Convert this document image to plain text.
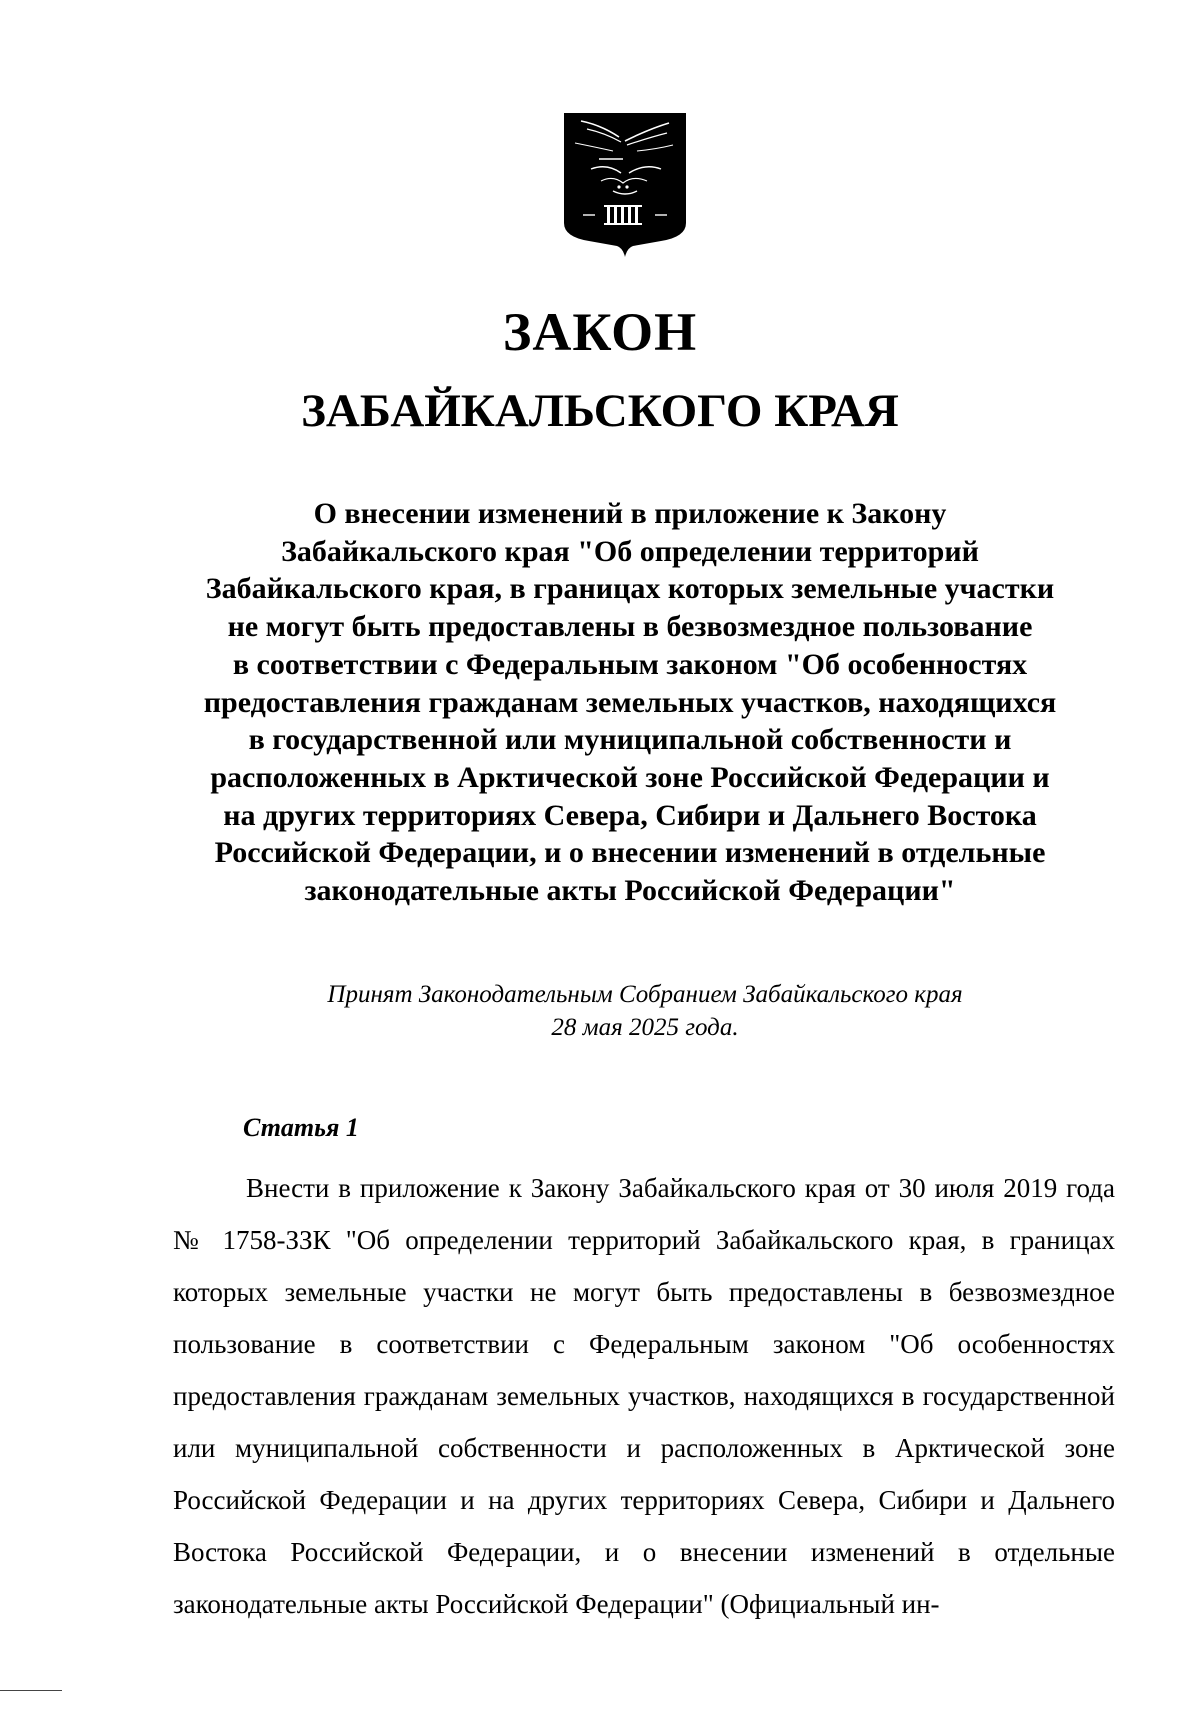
ЗАКОН
ЗАБАЙКАЛЬСКОГО КРАЯ

О внесении изменений в приложение к Закону
Забайкальского края "Об определении территорий
Забайкальского края, в границах которых земельные участки
не могут быть предоставлены в безвозмездное пользование
в соответствии с Федеральным законом "Об особенностях
предоставления гражданам земельных участков, находящихся
в государственной или муниципальной собственности и
расположенных в Арктической зоне Российской Федерации и
на других территориях Севера, Сибири и Дальнего Востока
Российской Федерации, и о внесении изменений в отдельные
законодательные акты Российской Федерации"

Принят Законодательным Собранием Забайкальского края
28 мая 2025 года.

Статья 1

Внести в приложение к Закону Забайкальского края от 30 июля 2019 года № 1758-ЗЗК "Об определении территорий Забайкальского края, в границах которых земельные участки не могут быть предоставлены в безвозмездное пользование в соответствии с Федеральным законом "Об особенностях предоставления гражданам земельных участков, находящихся в государственной или муниципальной собственности и расположенных в Арктической зоне Российской Федерации и на других территориях Севера, Сибири и Дальнего Востока Российской Федерации, и о внесении изменений в отдельные законодательные акты Российской Федерации" (Официальный ин-
